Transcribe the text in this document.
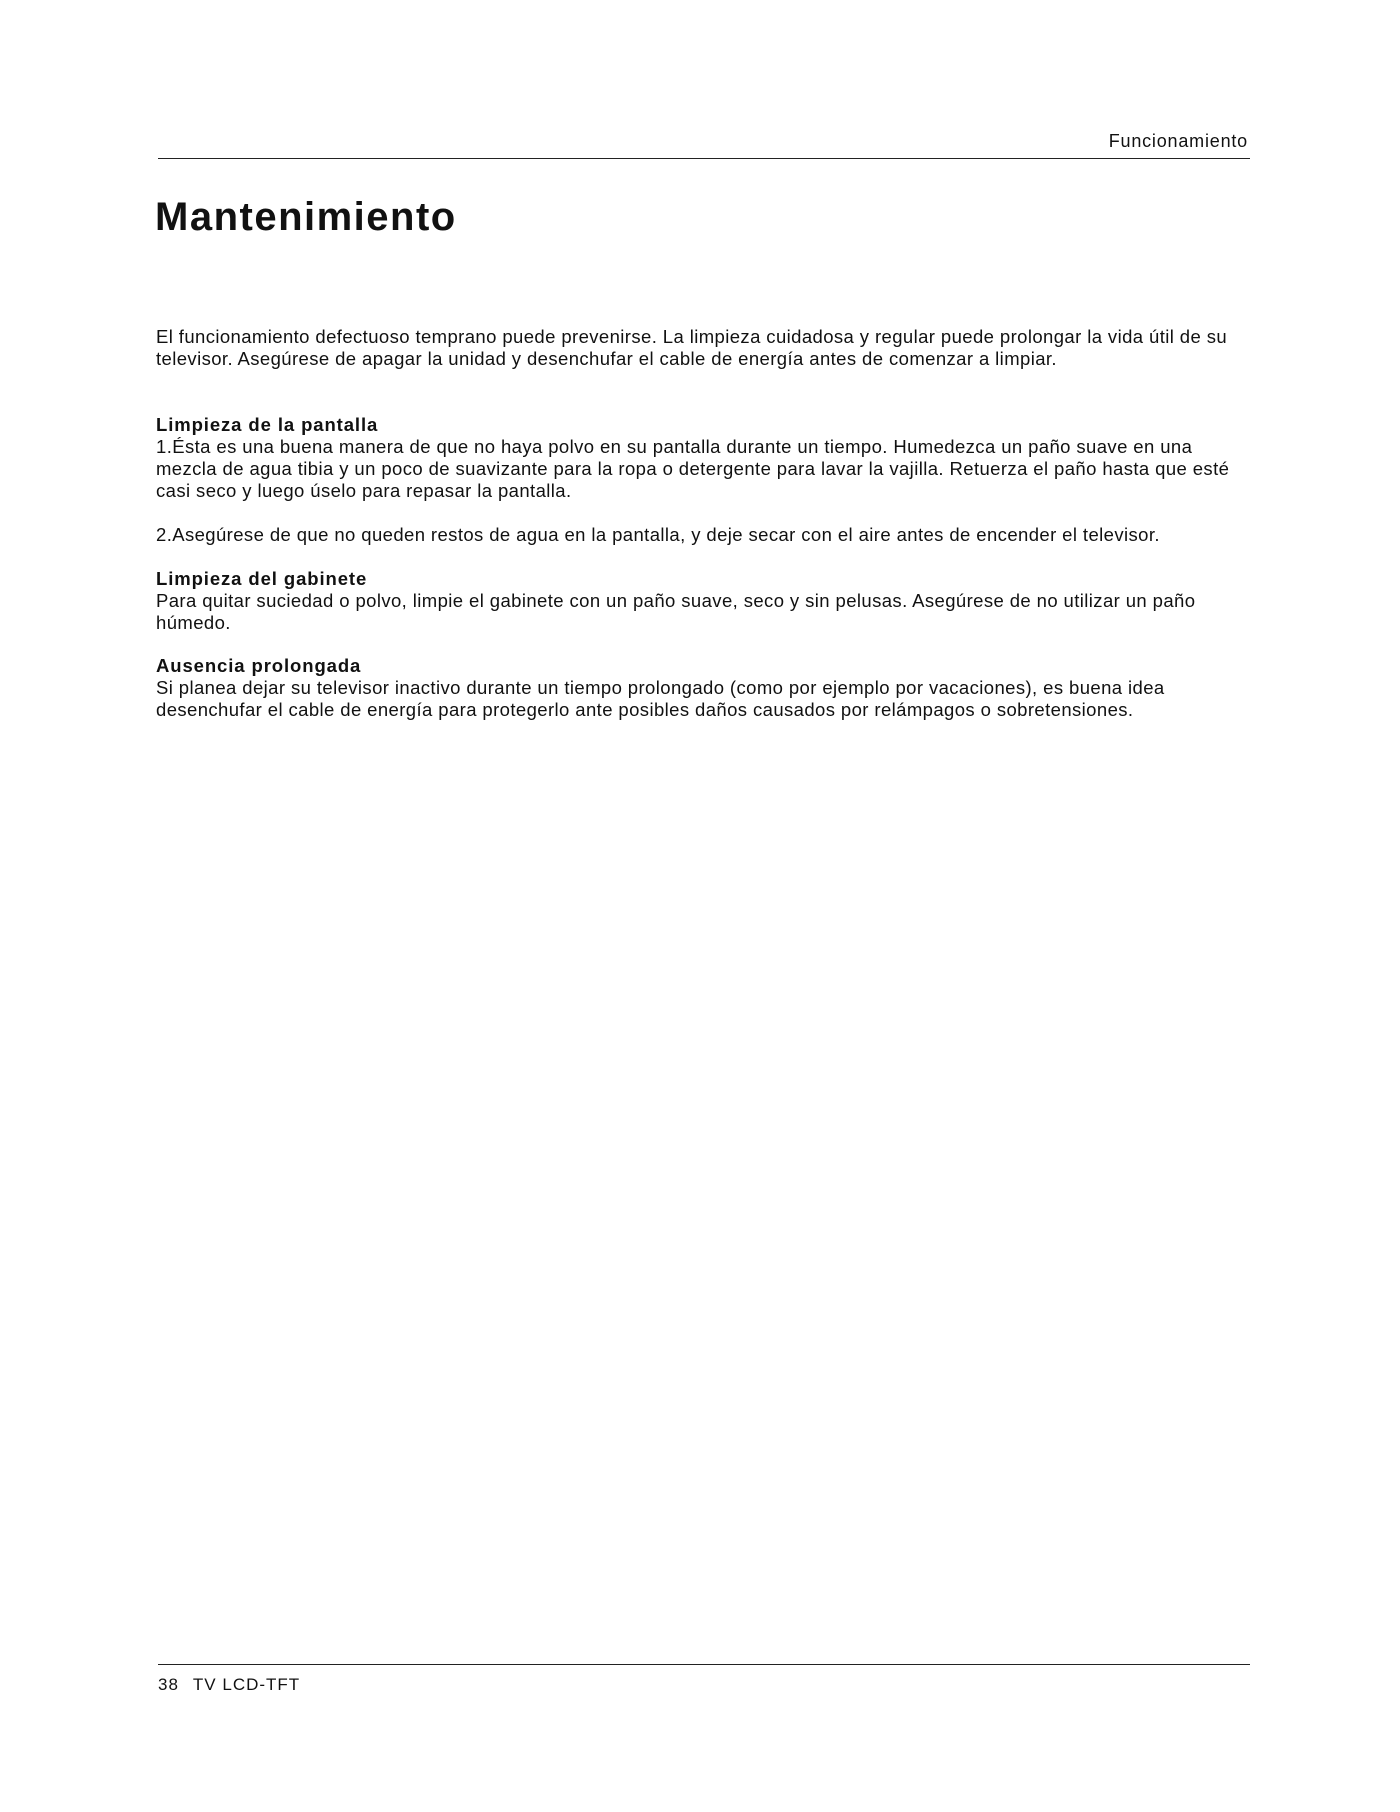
Funcionamiento
Mantenimiento

El funcionamiento defectuoso temprano puede prevenirse. La limpieza cuidadosa y regular puede prolongar la vida útil de su televisor. Asegúrese de apagar la unidad y desenchufar el cable de energía antes de comenzar a limpiar.

Limpieza de la pantalla

1.Ésta es una buena manera de que no haya polvo en su pantalla durante un tiempo. Humedezca un paño suave en una mezcla de agua tibia y un poco de suavizante para la ropa o detergente para lavar la vajilla. Retuerza el paño hasta que esté casi seco y luego úselo para repasar la pantalla.

2.Asegúrese de que no queden restos de agua en la pantalla, y deje secar con el aire antes de encender el televisor.

Limpieza del gabinete

Para quitar suciedad o polvo, limpie el gabinete con un paño suave, seco y sin pelusas. Asegúrese de no utilizar un paño húmedo.

Ausencia prolongada

Si planea dejar su televisor inactivo durante un tiempo prolongado (como por ejemplo por vacaciones), es buena idea desenchufar el cable de energía para protegerlo ante posibles daños causados por relámpagos o sobretensiones.

38 TV LCD-TFT
